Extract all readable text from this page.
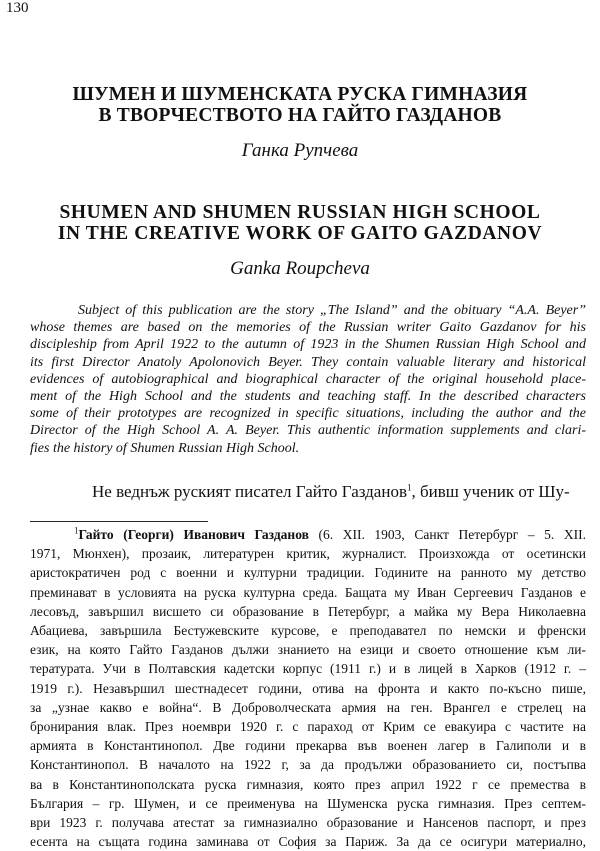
130
ШУМЕН И ШУМЕНСКАТА РУСКА ГИМНАЗИЯ
В ТВОРЧЕСТВОТО НА ГАЙТО ГАЗДАНОВ
Ганка Рупчева
SHUMEN AND SHUMEN RUSSIAN HIGH SCHOOL
IN THE CREATIVE WORK OF GAITO GAZDANOV
Ganka Roupcheva
Subject of this publication are the story „The Island” and the obituary “A.A. Beyer”
whose themes are based on the memories of the Russian writer Gaito Gazdanov for his
discipleship from April 1922 to the autumn of 1923 in the Shumen Russian High School and
its first Director Anatoly Apolonovich Beyer. They contain valuable literary and historical
evidences of autobiographical and biographical character of the original household place-
ment of the High School and the students and teaching staff. In the described characters
some of their prototypes are recognized in specific situations, including the author and the
Director of the High School A. A. Beyer. This authentic information supplements and clari-
fies the history of Shumen Russian High School.
Не веднъж руският писател Гайто Газданов$^1$, бивш ученик от Шу-
$^1$Гайто (Георги) Иванович Газданов (6. XII. 1903, Санкт Петербург – 5. XII.
1971, Мюнхен), прозаик, литературен критик, журналист. Произхожда от осетински
аристократичен род с военни и културни традиции. Годините на ранното му детство
преминават в условията на руска културна среда. Бащата му Иван Сергеевич Газданов е
лесовъд, завършил висшето си образование в Петербург, а майка му Вера Николаевна
Абациева, завършила Бестужевските курсове, е преподавател по немски и френски
език, на която Гайто Газданов дължи знанието на езици и своето отношение към ли-
тературата. Учи в Полтавския кадетски корпус (1911 г.) и в лицей в Харков (1912 г. –
1919 г.). Незавършил шестнадесет години, отива на фронта и както по-късно пише,
за „узнае какво е война“. В Доброволческата армия на ген. Врангел е стрелец на
бронирания влак. През ноември 1920 г. с параход от Крим се евакуира с частите на
армията в Константинопол. Две години прекарва във военен лагер в Галиполи и в
Константинопол. В началото на 1922 г, за да продължи образованието си, постъпва
ва в Константинополската руска гимназия, която през април 1922 г се премества в
България – гр. Шумен, и се преименува на Шуменска руска гимназия. През септем-
ври 1923 г. получава атестат за гимназиално образование и Нансенов паспорт, и през
есента на същата година заминава от София за Париж. За да се осигури материално,
